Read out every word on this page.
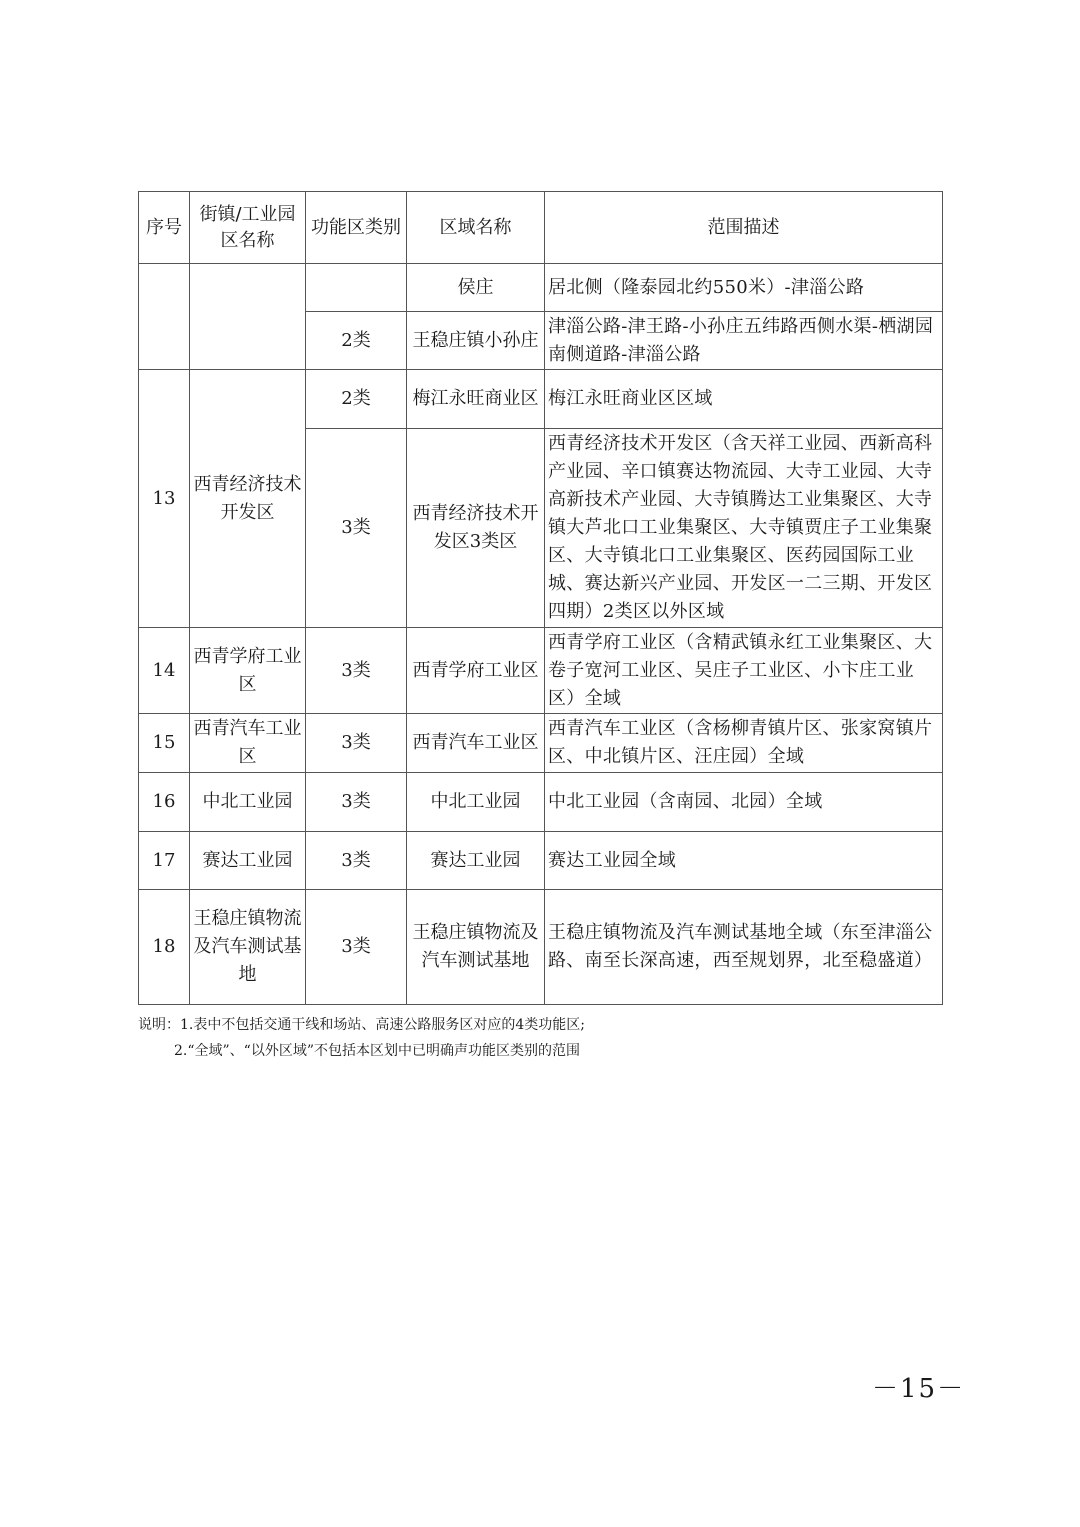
序号	街镇/工业园区名称	功能区类别	区域名称	范围描述
			侯庄	居北侧（隆泰园北约550米）-津淄公路
		2类	王稳庄镇小孙庄	津淄公路-津王路-小孙庄五纬路西侧水渠-栖湖园南侧道路-津淄公路
13	西青经济技术开发区	2类	梅江永旺商业区	梅江永旺商业区区域
		3类	西青经济技术开发区3类区	西青经济技术开发区（含天祥工业园、西新高科产业园、辛口镇赛达物流园、大寺工业园、大寺高新技术产业园、大寺镇腾达工业集聚区、大寺镇大芦北口工业集聚区、大寺镇贾庄子工业集聚区、大寺镇北口工业集聚区、医药园国际工业城、赛达新兴产业园、开发区一二三期、开发区四期）2类区以外区域
14	西青学府工业区	3类	西青学府工业区	西青学府工业区（含精武镇永红工业集聚区、大卷子宽河工业区、吴庄子工业区、小卞庄工业区）全域
15	西青汽车工业区	3类	西青汽车工业区	西青汽车工业区（含杨柳青镇片区、张家窝镇片区、中北镇片区、汪庄园）全域
16	中北工业园	3类	中北工业园	中北工业园（含南园、北园）全域
17	赛达工业园	3类	赛达工业园	赛达工业园全域
18	王稳庄镇物流及汽车测试基地	3类	王稳庄镇物流及汽车测试基地	王稳庄镇物流及汽车测试基地全域（东至津淄公路、南至长深高速，西至规划界，北至稳盛道）
说明：1.表中不包括交通干线和场站、高速公路服务区对应的4类功能区;
2.“全域”、“以外区域”不包括本区划中已明确声功能区类别的范围
－15－
